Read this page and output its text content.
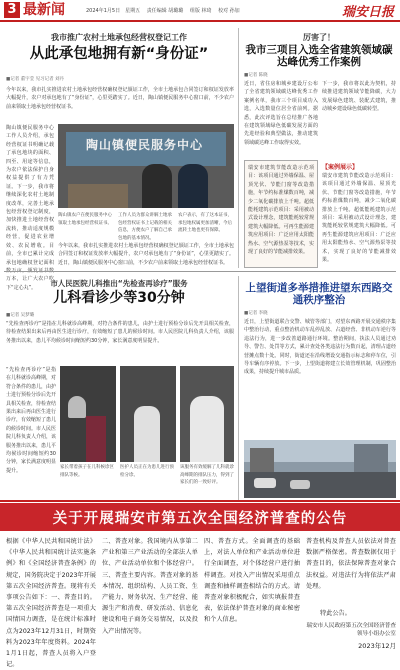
3 最新闻	2024年1月5日　星期五　 责任编辑 胡璐璐　 组版 林琦　 校对 孙加	瑞安日报
我市推广农村土地承包经营权登记工作
从此承包地拥有新“身份证”
■记者 董宇莹 见习记者 刘丹
今年以来，我市扎实推进农村土地承包经营权确权登记颁证工作，全市土地承包合同签订和权证发放率大幅提升，农户对承包地有了“身份证”，心里更踏实了。近日，陶山镇便民服务中心窗口前，不少农户前来领取土地承包经营权证书。
陶山镇便民服务中心工作人员介绍，承包经营权证书明确记载了承包地块的面积、四至、用途等信息，为农户依法保护自身权益提供了有力凭证。下一步，我市将继续深化农村土地制度改革，完善土地承包经营权登记制度，加快推进土地经营权流转，推动适度规模经营，促进农业增效、农民增收。目前，全市已累计完成承包地确权登记面积 万本，让广大农户吃下“定心丸”。
陶山镇便民服务中心
陶山镇农户在便民服务中心领取土地承包经营权证书。
工作人员为群众讲解土地承包经营权证书上记载的相关信息，方便农户了解自己承包地的基本情况。
农户表示，有了这本证书，承包地权属更加清晰，今后流转土地也更有保障。
今年以来，我市扎实推进农村土地承包经营权确权登记颁证工作，全市土地承包合同签订和权证发放率大幅提升，农户对承包地有了“身份证”，心里更踏实了。近日，陶山镇便民服务中心窗口前，不少农户前来领取土地承包经营权证书。
厉害了！
我市三项目入选全省建筑领域碳达峰优秀工作案例
■记者 陈晓
近日，省住房和城乡建设厅公布了全省建筑领域碳达峰优秀工作案例名单，我市三个项目成功入选，入选数量位居全省前列。据悉，此次评选旨在总结推广各地在建筑领域绿色低碳发展方面的先进经验和典型做法，推动建筑领域碳达峰工作取得实效。
下一步，我市将以此为契机，持续推进建筑领域节能降碳，大力发展绿色建筑、装配式建筑，推动城乡建设绿色低碳转型。
【案例展示】
瑞安市建筑节能改造示范项目：该项目通过外墙保温、屋顶光伏、节能门窗等改造措施，年节约标准煤数百吨，减少二氧化碳排放上千吨。超低能耗建筑示范项目：采用被动式设计理念，建筑能耗较常规建筑大幅降低。可再生能源建筑应用项目：广泛应用太阳能热水、空气源热泵等技术，实现了良好的节能减排效果。
瑞安市建筑节能改造示范项目：该项目通过外墙保温、屋顶光伏、节能门窗等改造措施，年节约标准煤数百吨，减少二氧化碳排放上千吨。超低能耗建筑示范项目：采用被动式设计理念，建筑能耗较常规建筑大幅降低。可再生能源建筑应用项目：广泛应用太阳能热水、空气源热泵等技术，实现了良好的节能减排效果。
市人民医院儿科推出“先检查再诊疗”服务
儿科看诊少等30分钟
■记者 吴梦璐
“先检查再诊疗”是指在儿科就诊高峰期，对符合条件的患儿，由护士进行预检分诊后先开具相关检查，待检查结果出来后再由医生进行诊疗，有效缩短了患儿的候诊时间。市人民医院儿科负责人介绍，该服务推出以来，患儿平均候诊时间缩短约30分钟，家长满意度明显提升。
“先检查再诊疗”是指在儿科就诊高峰期，对符合条件的患儿，由护士进行预检分诊后先开具相关检查，待检查结果出来后再由医生进行诊疗，有效缩短了患儿的候诊时间。市人民医院儿科负责人介绍，该服务推出以来，患儿平均候诊时间缩短约30分钟，家长满意度明显提升。
家长带着孩子在儿科候诊区排队等候。
医护人员正在为患儿进行预检分诊。
该服务有效缓解了儿科就诊高峰期的排队压力，得到了家长们的一致好评。
上望街道多举措推进望东西路交通秩序整治
■记者 李晓
近日，上望街道联合交警、城管等部门，对望东西路开展交通秩序集中整治行动，重点整治机动车乱停乱放、占道经营、非机动车逆行等违法行为，进一步改善道路通行环境。整治期间，执法人员通过劝导、警告、处罚等方式，累计查处各类违法行为数百起，清理占道经营摊点数十处。同时，街道还在沿线增设交通指示标志和停车位，引导车辆有序停放。下一步，上望街道将建立长效管理机制，巩固整治成果，持续提升城市品质。
关于开展瑞安市第五次全国经济普查的公告
根据《中华人民共和国统计法》《中华人民共和国统计法实施条例》和《全国经济普查条例》的规定，国务院决定于2023年开展第五次全国经济普查。现将有关事项公告如下：一、普查目的。第五次全国经济普查是一项重大国情国力调查，是在统计标准时点为2023年12月31日，时期资料为2023年年度资料。2024年1月1日起，普查人员将入户登记。
二、普查对象。我国境内从事第二产业和第三产业活动的全部法人单位、产业活动单位和个体经营户。三、普查主要内容。普查对象的基本情况、组织结构、人员工资、生产能力、财务状况、生产经营、能源生产和消费、研发活动、信息化建设和电子商务交易情况，以及投入产出情况等。
四、普查方式。全面调查的基础上，对法人单位和产业活动单位进行全面调查，对个体经营户进行抽样调查。对投入产出情况采用重点调查和抽样调查相结合的方式。请普查对象积极配合，如实填报普查表，依法保护普查对象的商业秘密和个人信息。
普查机构及普查人员依法对普查数据严格保密。普查数据仅用于普查目的，依法保障普查对象合法权益。对违法行为将依法严肃处理。
特此公告。
瑞安市人民政府第五次全国经济普查领导小组办公室
2023年12月
